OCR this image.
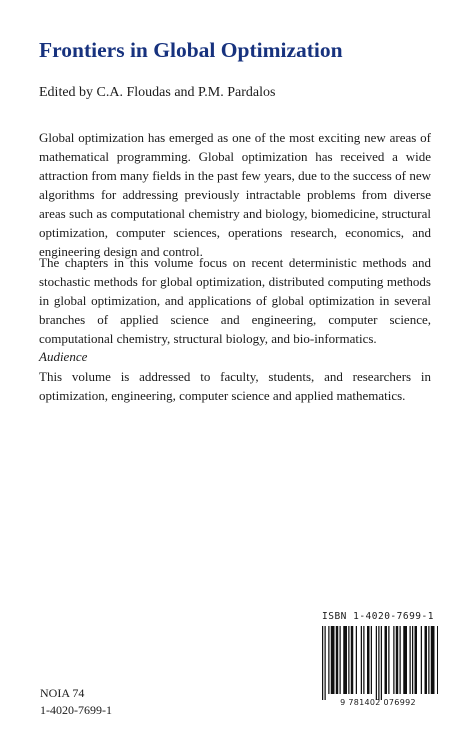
Frontiers in Global Optimization

Edited by C.A. Floudas and P.M. Pardalos

Global optimization has emerged as one of the most exciting new areas of mathematical programming. Global optimization has received a wide attraction from many fields in the past few years, due to the success of new algorithms for addressing previously intractable problems from diverse areas such as computational chemistry and biology, biomedicine, structural optimization, computer sciences, operations research, economics, and engineering design and control.

The chapters in this volume focus on recent deterministic methods and stochastic methods for global optimization, distributed computing methods in global optimization, and applications of global optimization in several branches of applied science and engineering, computer science, computational chemistry, structural biology, and bio-informatics.

Audience

This volume is addressed to faculty, students, and researchers in optimization, engineering, computer science and applied mathematics.

ISBN 1-4020-7699-1

9 781402 076992

NOIA 74

1-4020-7699-1
